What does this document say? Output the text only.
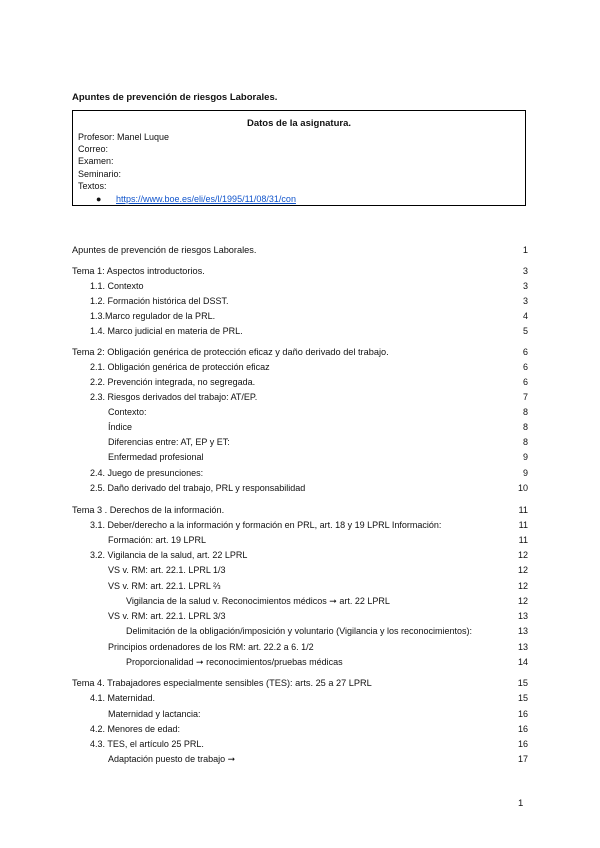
Apuntes de prevención de riesgos Laborales.
Datos de la asignatura.
Profesor: Manel Luque
Correo:
Examen:
Seminario:
Textos:
● https://www.boe.es/eli/es/l/1995/11/08/31/con
Apuntes de prevención de riesgos Laborales.	1
Tema 1: Aspectos introductorios.	3
1.1. Contexto	3
1.2. Formación histórica del DSST.	3
1.3.Marco regulador de la PRL.	4
1.4. Marco judicial en materia de PRL.	5
Tema 2: Obligación genérica de protección eficaz y daño derivado del trabajo.	6
2.1. Obligación genérica de protección eficaz	6
2.2. Prevención integrada, no segregada.	6
2.3. Riesgos derivados del trabajo: AT/EP.	7
Contexto:	8
Índice	8
Diferencias entre: AT, EP y ET:	8
Enfermedad profesional	9
2.4. Juego de presunciones:	9
2.5. Daño derivado del trabajo, PRL y responsabilidad	10
Tema 3 . Derechos de la información.	11
3.1. Deber/derecho a la información y formación en PRL, art. 18 y 19 LPRL Información:	11
Formación: art. 19 LPRL	11
3.2. Vigilancia de la salud, art. 22 LPRL	12
VS v. RM: art. 22.1. LPRL 1/3	12
VS v. RM: art. 22.1. LPRL ⅔	12
Vigilancia de la salud v. Reconocimientos médicos ➞ art. 22 LPRL	12
VS v. RM: art. 22.1. LPRL 3/3	13
Delimitación de la obligación/imposición y voluntario (Vigilancia y los reconocimientos):	13
Principios ordenadores de los RM: art. 22.2 a 6. 1/2	13
Proporcionalidad ➞ reconocimientos/pruebas médicas	14
Tema 4. Trabajadores especialmente sensibles (TES): arts. 25 a 27 LPRL	15
4.1. Maternidad.	15
Maternidad y lactancia:	16
4.2. Menores de edad:	16
4.3. TES, el artículo 25 PRL.	16
Adaptación puesto de trabajo ➞	17
1
